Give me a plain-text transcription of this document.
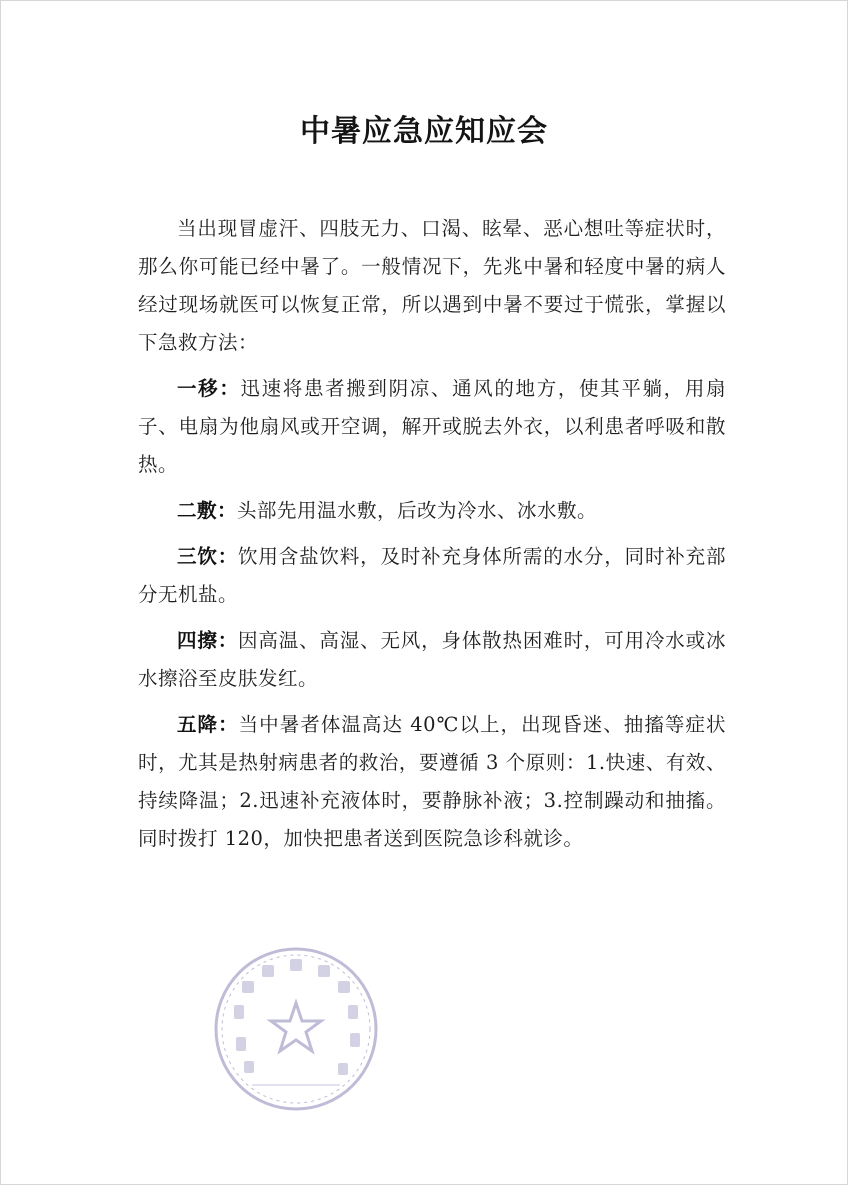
中暑应急应知应会

当出现冒虚汗、四肢无力、口渴、眩晕、恶心想吐等症状时，那么你可能已经中暑了。一般情况下，先兆中暑和轻度中暑的病人经过现场就医可以恢复正常，所以遇到中暑不要过于慌张，掌握以下急救方法：

一移：迅速将患者搬到阴凉、通风的地方，使其平躺，用扇子、电扇为他扇风或开空调，解开或脱去外衣，以利患者呼吸和散热。

二敷：头部先用温水敷，后改为冷水、冰水敷。

三饮：饮用含盐饮料，及时补充身体所需的水分，同时补充部分无机盐。

四擦：因高温、高湿、无风，身体散热困难时，可用冷水或冰水擦浴至皮肤发红。

五降：当中暑者体温高达 40℃以上，出现昏迷、抽搐等症状时，尤其是热射病患者的救治，要遵循 3 个原则：1.快速、有效、持续降温；2.迅速补充液体时，要静脉补液；3.控制躁动和抽搐。同时拨打 120，加快把患者送到医院急诊科就诊。
